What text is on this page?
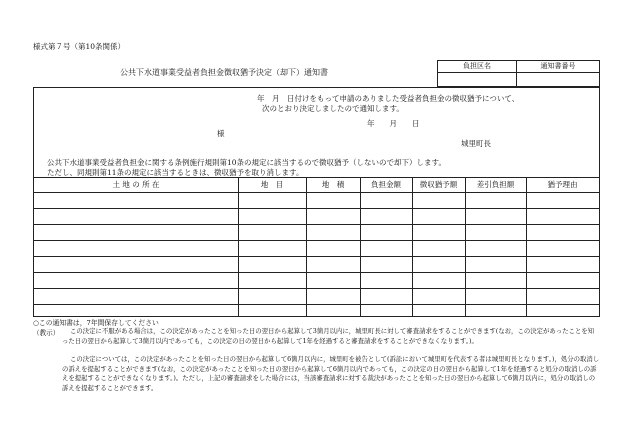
様式第７号（第10条関係）
公共下水道事業受益者負担金徴収猶予決定（却下）通知書
負担区名	通知書番号
年　月　日付けをもって申請のありました受益者負担金の徴収猶予について、
次のとおり決定しましたので通知します。
年　　月　　日
様
城里町長
公共下水道事業受益者負担金に関する条例施行規則第10条の規定に該当するので徴収猶予（しないので却下）します。
ただし、同規則第11条の規定に該当するときは、徴収猶予を取り消します。
土 地 の 所 在	地　目	地　積	負担金額	徴収猶予額	差引負担額	猶予理由
○この通知書は，7年間保存してください
（教示）	この決定に不服がある場合は，この決定があったことを知った日の翌日から起算して3箇月以内に，城里町長に対して審査請求をすることができます(なお，この決定があったことを知った日の翌日から起算して3箇月以内であっても，この決定の日の翌日から起算して1年を経過すると審査請求をすることができなくなります。)。
この決定については，この決定があったことを知った日の翌日から起算して6箇月以内に，城里町を被告として(訴訟において城里町を代表する者は城里町長となります。)，処分の取消しの訴えを提起することができます(なお，この決定があったことを知った日の翌日から起算して6箇月以内であっても，この決定の日の翌日から起算して1年を経過すると処分の取消しの訴えを提起することができなくなります。)。ただし，上記の審査請求をした場合には，当該審査請求に対する裁決があったことを知った日の翌日から起算して6箇月以内に，処分の取消しの訴えを提起することができます。
